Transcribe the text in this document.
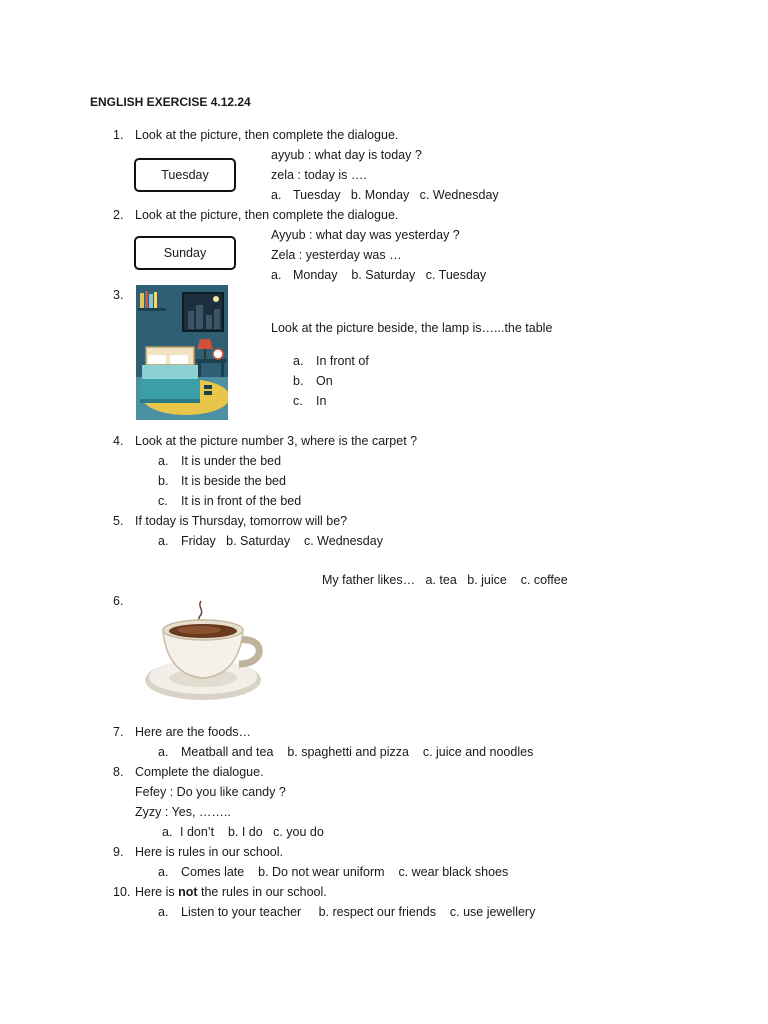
ENGLISH EXERCISE 4.12.24
1. Look at the picture, then complete the dialogue.
Tuesday
ayyub : what day is today ?
zela : today is ….
a. Tuesday   b. Monday   c. Wednesday
2. Look at the picture, then complete the dialogue.
Sunday
Ayyub : what day was yesterday ?
Zela : yesterday was …
a. Monday    b. Saturday   c. Tuesday
3.
Look at the picture beside, the lamp is…...the table
a. In front of
b. On
c. In
4. Look at the picture number 3, where is the carpet ?
a. It is under the bed
b. It is beside the bed
c. It is in front of the bed
5. If today is Thursday, tomorrow will be?
a. Friday   b. Saturday    c. Wednesday
My father likes…   a. tea   b. juice    c. coffee
6.
7. Here are the foods…
a. Meatball and tea    b. spaghetti and pizza    c. juice and noodles
8. Complete the dialogue.
Fefey : Do you like candy ?
Zyzy : Yes, ……..
a. I don’t    b. I do   c. you do
9. Here is rules in our school.
a. Comes late    b. Do not wear uniform    c. wear black shoes
10. Here is not the rules in our school.
a. Listen to your teacher     b. respect our friends    c. use jewellery
